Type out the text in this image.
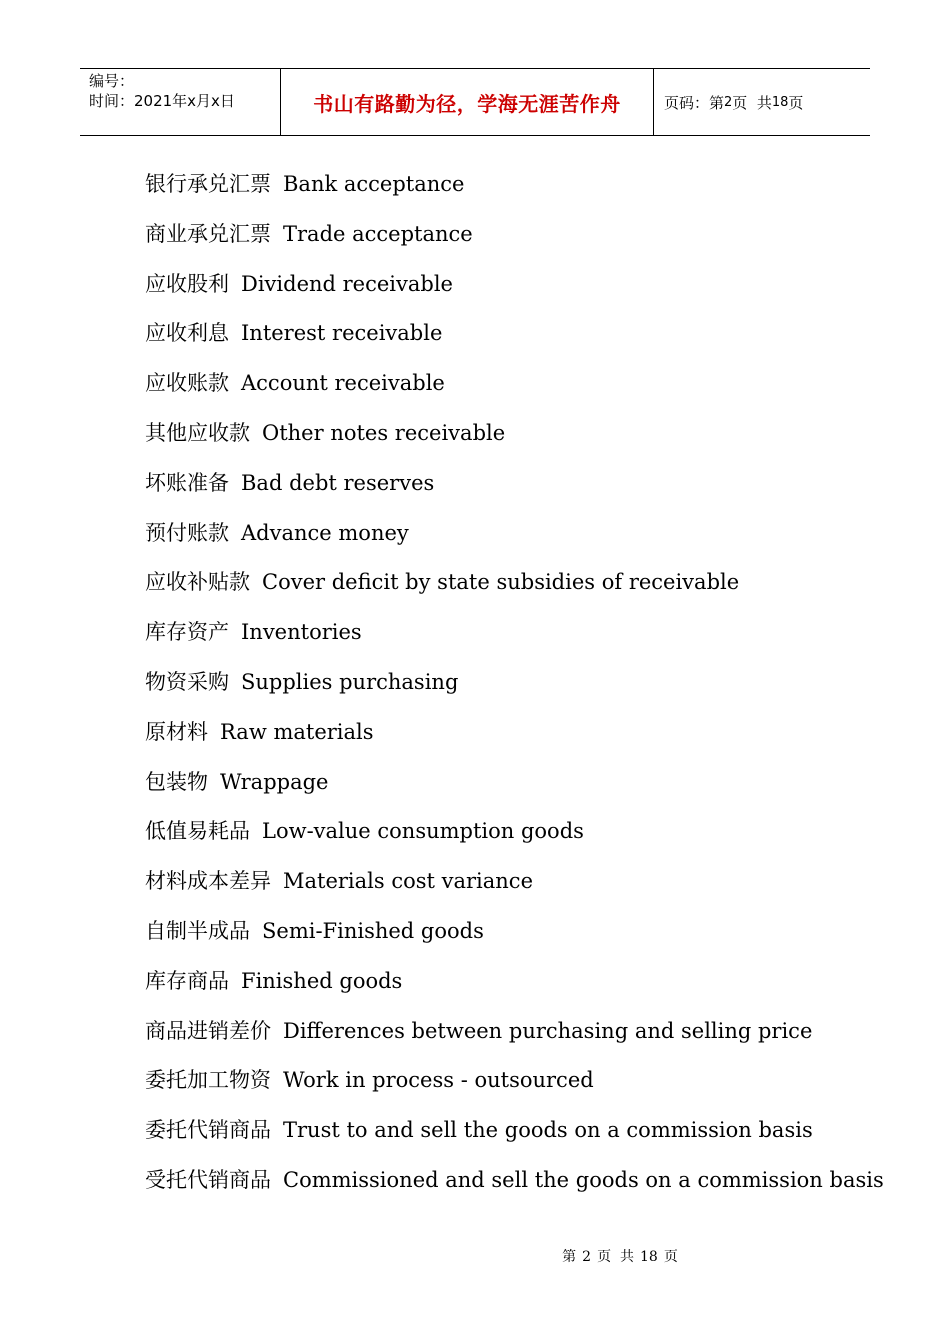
编号：
时间：2021年x月x日	书山有路勤为径，学海无涯苦作舟	页码：第 2 页  共 18 页
银行承兑汇票 Bank acceptance
商业承兑汇票 Trade acceptance
应收股利 Dividend receivable
应收利息 Interest receivable
应收账款 Account receivable
其他应收款 Other notes receivable
坏账准备 Bad debt reserves
预付账款 Advance money
应收补贴款 Cover deficit by state subsidies of receivable
库存资产 Inventories
物资采购 Supplies purchasing
原材料 Raw materials
包装物 Wrappage
低值易耗品 Low-value consumption goods
材料成本差异 Materials cost variance
自制半成品 Semi-Finished goods
库存商品 Finished goods
商品进销差价 Differences between purchasing and selling price
委托加工物资 Work in process - outsourced
委托代销商品 Trust to and sell the goods on a commission basis
受托代销商品 Commissioned and sell the goods on a commission basis
第 2 页  共 18 页
